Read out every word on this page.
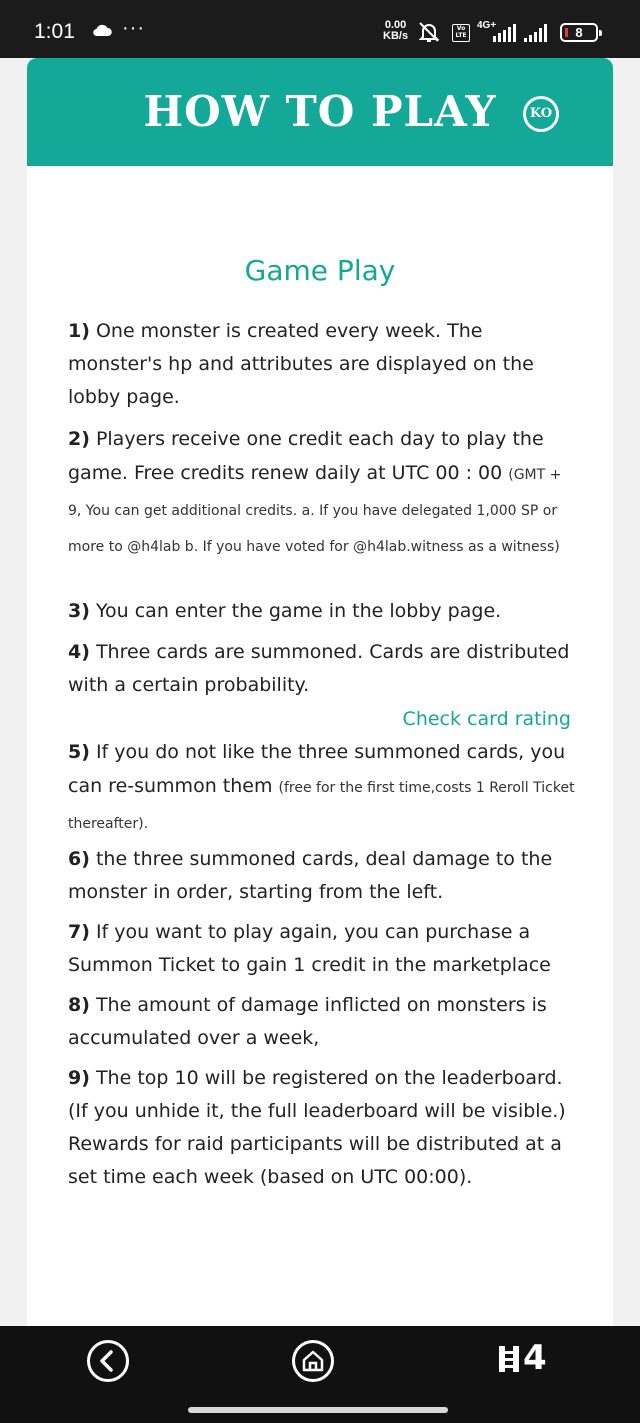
1:01 ···	0.00
KB/s
Vo LTE
4G+	8
HOW TO PLAY	KO
Game Play
1) One monster is created every week. The monster's hp and attributes are displayed on the lobby page.
2) Players receive one credit each day to play the game. Free credits renew daily at UTC 00 : 00 (GMT + 9, You can get additional credits. a. If you have delegated 1,000 SP or more to @h4lab b. If you have voted for @h4lab.witness as a witness)
3) You can enter the game in the lobby page.
4) Three cards are summoned. Cards are distributed with a certain probability.
Check card rating
5) If you do not like the three summoned cards, you can re-summon them (free for the first time,costs 1 Reroll Ticket thereafter).
6) the three summoned cards, deal damage to the monster in order, starting from the left.
7) If you want to play again, you can purchase a Summon Ticket to gain 1 credit in the marketplace
8) The amount of damage inflicted on monsters is accumulated over a week,
9) The top 10 will be registered on the leaderboard. (If you unhide it, the full leaderboard will be visible.) Rewards for raid participants will be distributed at a set time each week (based on UTC 00:00).
4
